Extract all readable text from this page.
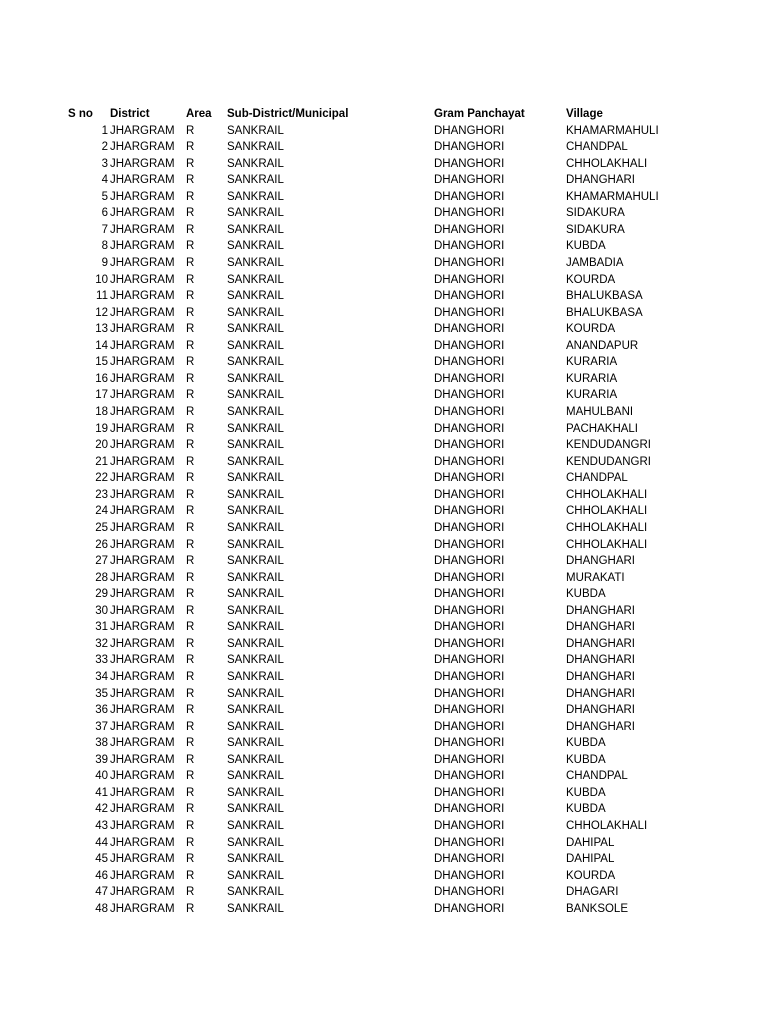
S no	District	Area Sub-District/Municipal	Gram Panchayat	Village
1 JHARGRAM R	SANKRAIL	DHANGHORI	KHAMARMAHULI
2 JHARGRAM R	SANKRAIL	DHANGHORI	CHANDPAL
3 JHARGRAM R	SANKRAIL	DHANGHORI	CHHOLAKHALI
4 JHARGRAM R	SANKRAIL	DHANGHORI	DHANGHARI
5 JHARGRAM R	SANKRAIL	DHANGHORI	KHAMARMAHULI
6 JHARGRAM R	SANKRAIL	DHANGHORI	SIDAKURA
7 JHARGRAM R	SANKRAIL	DHANGHORI	SIDAKURA
8 JHARGRAM R	SANKRAIL	DHANGHORI	KUBDA
9 JHARGRAM R	SANKRAIL	DHANGHORI	JAMBADIA
10 JHARGRAM R	SANKRAIL	DHANGHORI	KOURDA
11 JHARGRAM R	SANKRAIL	DHANGHORI	BHALUKBASA
12 JHARGRAM R	SANKRAIL	DHANGHORI	BHALUKBASA
13 JHARGRAM R	SANKRAIL	DHANGHORI	KOURDA
14 JHARGRAM R	SANKRAIL	DHANGHORI	ANANDAPUR
15 JHARGRAM R	SANKRAIL	DHANGHORI	KURARIA
16 JHARGRAM R	SANKRAIL	DHANGHORI	KURARIA
17 JHARGRAM R	SANKRAIL	DHANGHORI	KURARIA
18 JHARGRAM R	SANKRAIL	DHANGHORI	MAHULBANI
19 JHARGRAM R	SANKRAIL	DHANGHORI	PACHAKHALI
20 JHARGRAM R	SANKRAIL	DHANGHORI	KENDUDANGRI
21 JHARGRAM R	SANKRAIL	DHANGHORI	KENDUDANGRI
22 JHARGRAM R	SANKRAIL	DHANGHORI	CHANDPAL
23 JHARGRAM R	SANKRAIL	DHANGHORI	CHHOLAKHALI
24 JHARGRAM R	SANKRAIL	DHANGHORI	CHHOLAKHALI
25 JHARGRAM R	SANKRAIL	DHANGHORI	CHHOLAKHALI
26 JHARGRAM R	SANKRAIL	DHANGHORI	CHHOLAKHALI
27 JHARGRAM R	SANKRAIL	DHANGHORI	DHANGHARI
28 JHARGRAM R	SANKRAIL	DHANGHORI	MURAKATI
29 JHARGRAM R	SANKRAIL	DHANGHORI	KUBDA
30 JHARGRAM R	SANKRAIL	DHANGHORI	DHANGHARI
31 JHARGRAM R	SANKRAIL	DHANGHORI	DHANGHARI
32 JHARGRAM R	SANKRAIL	DHANGHORI	DHANGHARI
33 JHARGRAM R	SANKRAIL	DHANGHORI	DHANGHARI
34 JHARGRAM R	SANKRAIL	DHANGHORI	DHANGHARI
35 JHARGRAM R	SANKRAIL	DHANGHORI	DHANGHARI
36 JHARGRAM R	SANKRAIL	DHANGHORI	DHANGHARI
37 JHARGRAM R	SANKRAIL	DHANGHORI	DHANGHARI
38 JHARGRAM R	SANKRAIL	DHANGHORI	KUBDA
39 JHARGRAM R	SANKRAIL	DHANGHORI	KUBDA
40 JHARGRAM R	SANKRAIL	DHANGHORI	CHANDPAL
41 JHARGRAM R	SANKRAIL	DHANGHORI	KUBDA
42 JHARGRAM R	SANKRAIL	DHANGHORI	KUBDA
43 JHARGRAM R	SANKRAIL	DHANGHORI	CHHOLAKHALI
44 JHARGRAM R	SANKRAIL	DHANGHORI	DAHIPAL
45 JHARGRAM R	SANKRAIL	DHANGHORI	DAHIPAL
46 JHARGRAM R	SANKRAIL	DHANGHORI	KOURDA
47 JHARGRAM R	SANKRAIL	DHANGHORI	DHAGARI
48 JHARGRAM R	SANKRAIL	DHANGHORI	BANKSOLE
